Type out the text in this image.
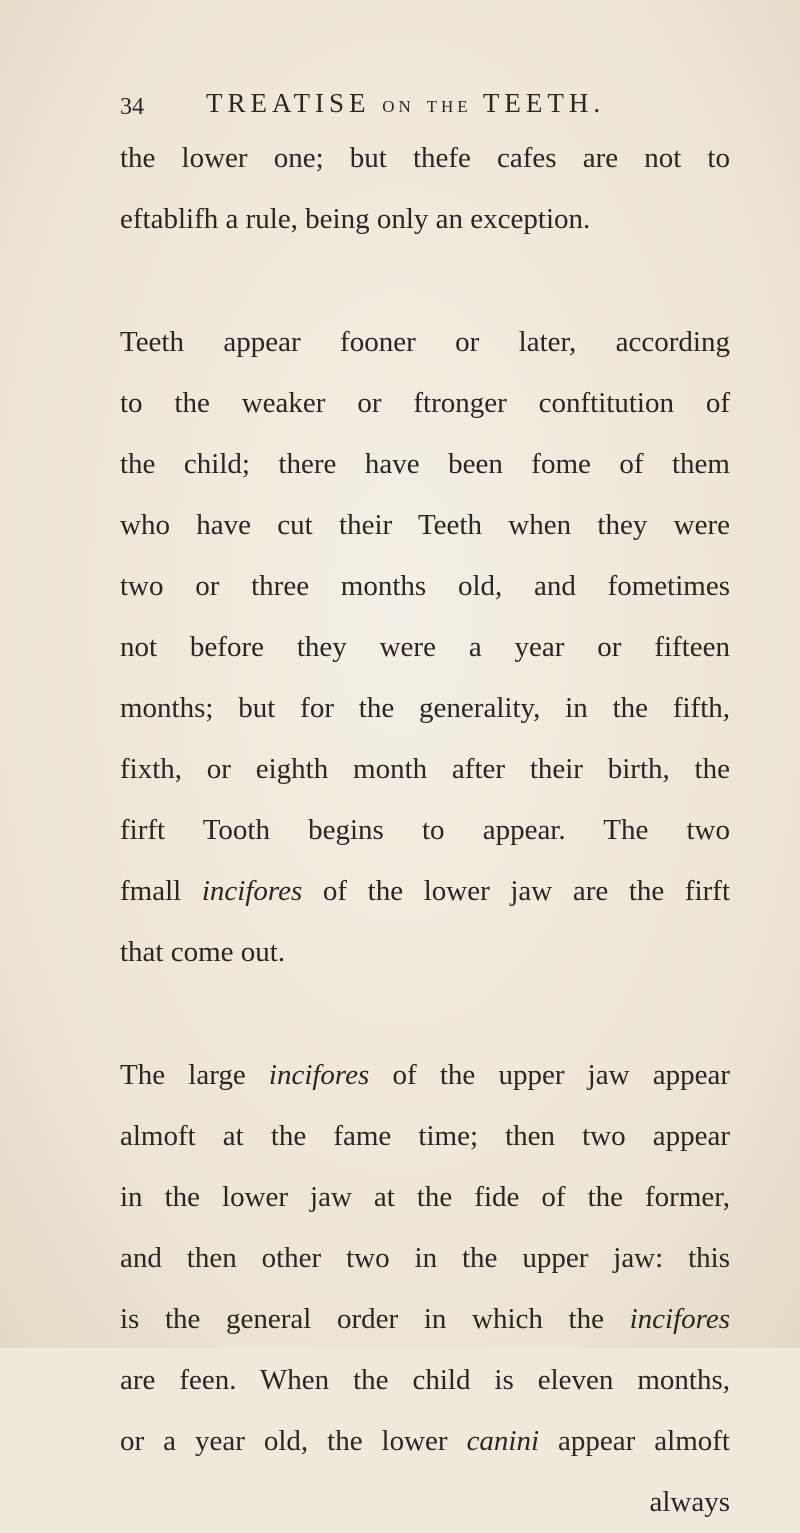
34 TREATISE ON THE TEETH.
the lower one; but thefe cafes are not to
eftablifh a rule, being only an exception.
Teeth appear fooner or later, according
to the weaker or ftronger conftitution of
the child; there have been fome of them
who have cut their Teeth when they were
two or three months old, and fometimes
not before they were a year or fifteen
months; but for the generality, in the fifth,
fixth, or eighth month after their birth, the
firft Tooth begins to appear. The two
fmall incifores of the lower jaw are the firft
that come out.
The large incifores of the upper jaw appear
almoft at the fame time; then two appear
in the lower jaw at the fide of the former,
and then other two in the upper jaw: this
is the general order in which the incifores
are feen. When the child is eleven months,
or a year old, the lower canini appear almoft
always
